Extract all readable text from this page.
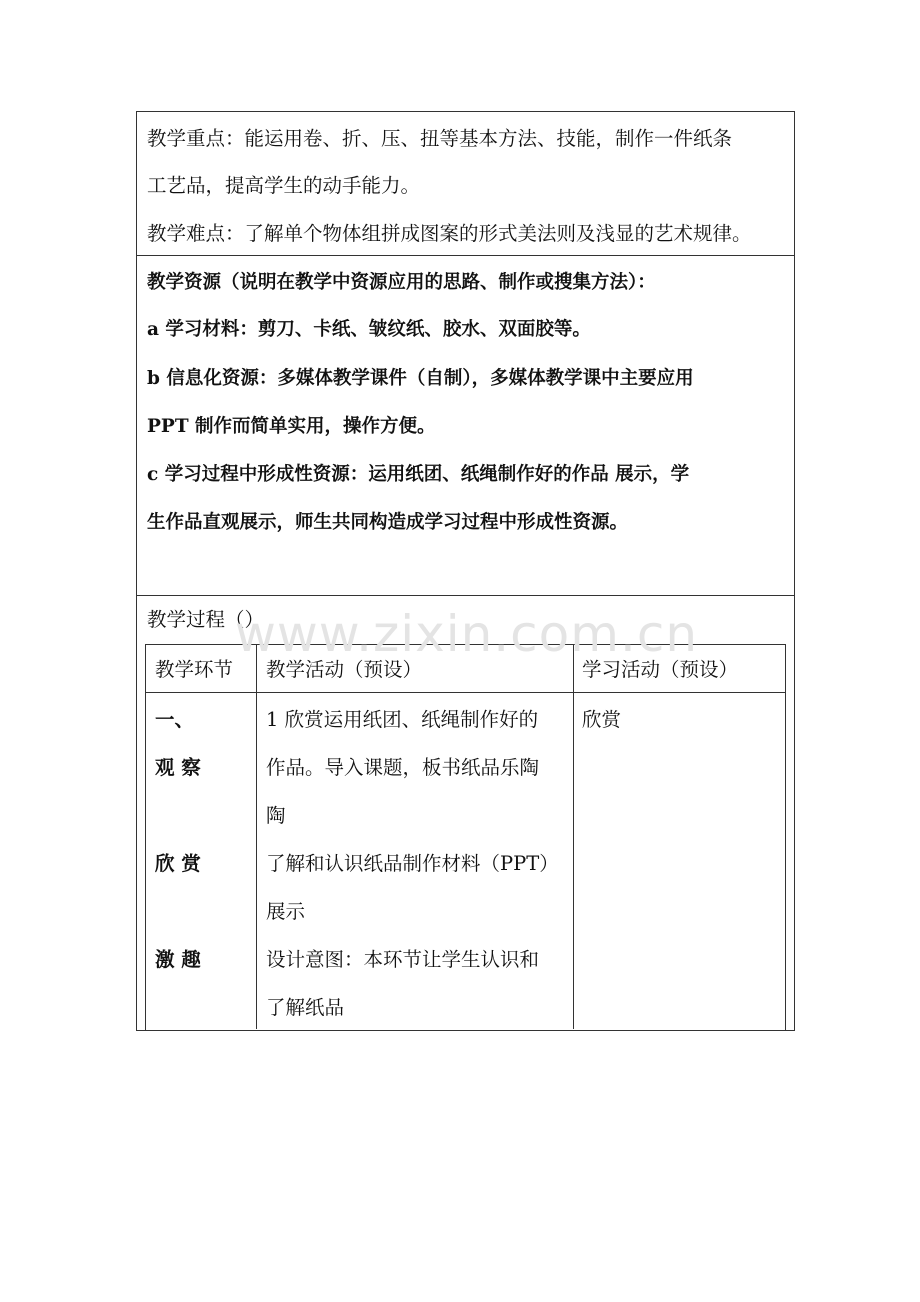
教学重点：能运用卷、折、压、扭等基本方法、技能，制作一件纸条
工艺品，提高学生的动手能力。
教学难点：了解单个物体组拼成图案的形式美法则及浅显的艺术规律。
教学资源（说明在教学中资源应用的思路、制作或搜集方法）：
a 学习材料：剪刀、卡纸、皱纹纸、胶水、双面胶等。
b 信息化资源：多媒体教学课件（自制），多媒体教学课中主要应用
PPT 制作而简单实用，操作方便。
c 学习过程中形成性资源：运用纸团、纸绳制作好的作品 展示，学
生作品直观展示，师生共同构造成学习过程中形成性资源。
教学过程（）
教学环节 教学活动（预设）	学习活动（预设）
一、
观 察
欣 赏
激 趣
1 欣赏运用纸团、纸绳制作好的
作品。导入课题，板书纸品乐陶
陶
了解和认识纸品制作材料（PPT）
展示
设计意图：本环节让学生认识和
了解纸品
欣赏
www.zixin.com.cn
